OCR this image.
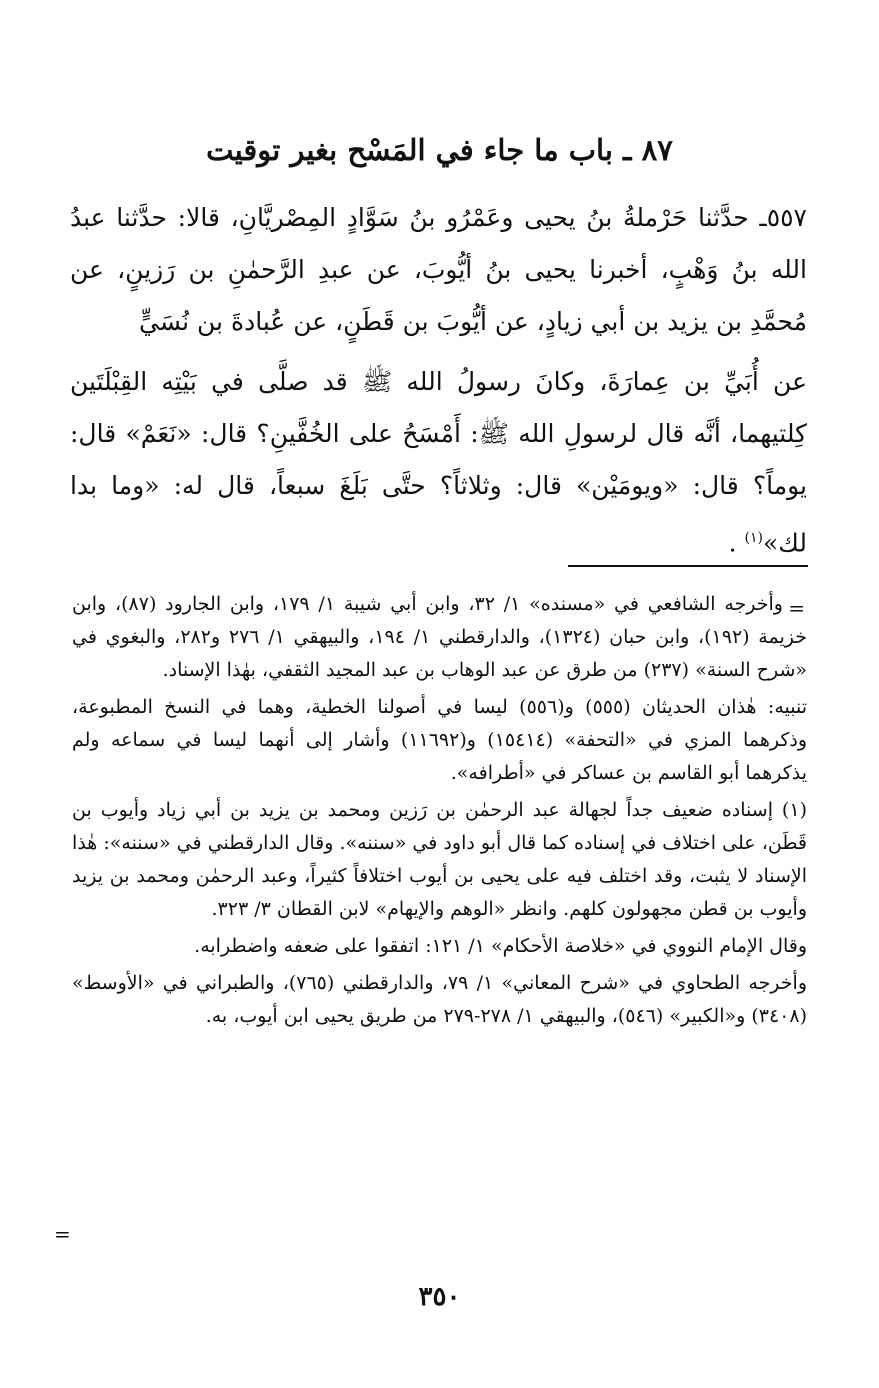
٨٧ ـ باب ما جاء في المَسْح بغير توقيت

٥٥٧ـ حدَّثنا حَرْملةُ بنُ يحيى وعَمْرُو بنُ سَوَّادٍ المِصْريَّانِ، قالا: حدَّثنا عبدُ الله بنُ وَهْبٍ، أخبرنا يحيى بنُ أيُّوبَ، عن عبدِ الرَّحمٰنِ بن رَزينٍ، عن مُحمَّدِ بن يزيد بن أبي زيادٍ، عن أيُّوبَ بن قَطَنٍ، عن عُبادةَ بن نُسَيٍّ

عن أُبَيِّ بن عِمارَةَ، وكانَ رسولُ الله ﷺ قد صلَّى في بَيْتِه القِبْلَتَين كِلتيهما، أنَّه قال لرسولِ الله ﷺ: أَمْسَحُ على الخُفَّينِ؟ قال: «نَعَمْ» قال: يوماً؟ قال: «ويومَيْن» قال: وثلاثاً؟ حتَّى بَلَغَ سبعاً، قال له: «وما بدا لك»$^{(١)}$ .

=

وأخرجه الشافعي في «مسنده» ١/ ٣٢، وابن أبي شيبة ١/ ١٧٩، وابن الجارود (٨٧)، وابن خزيمة (١٩٢)، وابن حبان (١٣٢٤)، والدارقطني ١/ ١٩٤، والبيهقي ١/ ٢٧٦ و٢٨٢، والبغوي في «شرح السنة» (٢٣٧) من طرق عن عبد الوهاب بن عبد المجيد الثقفي، بهٰذا الإسناد.

تنبيه: هٰذان الحديثان (٥٥٥) و(٥٥٦) ليسا في أصولنا الخطية، وهما في النسخ المطبوعة، وذكرهما المزي في «التحفة» (١٥٤١٤) و(١١٦٩٢) وأشار إلى أنهما ليسا في سماعه ولم يذكرهما أبو القاسم بن عساكر في «أطرافه».

(١) إسناده ضعيف جداً لجهالة عبد الرحمٰن بن رَزين ومحمد بن يزيد بن أبي زياد وأيوب بن قَطَن، على اختلاف في إسناده كما قال أبو داود في «سننه». وقال الدارقطني في «سننه»: هٰذا الإسناد لا يثبت، وقد اختلف فيه على يحيى بن أيوب اختلافاً كثيراً، وعبد الرحمٰن ومحمد بن يزيد وأيوب بن قطن مجهولون كلهم. وانظر «الوهم والإيهام» لابن القطان ٣/ ٣٢٣.

وقال الإمام النووي في «خلاصة الأحكام» ١/ ١٢١: اتفقوا على ضعفه واضطرابه.

وأخرجه الطحاوي في «شرح المعاني» ١/ ٧٩، والدارقطني (٧٦٥)، والطبراني في «الأوسط» (٣٤٠٨) و«الكبير» (٥٤٦)، والبيهقي ١/ ٢٧٨-٢٧٩ من طريق يحيى ابن أيوب، به.

=
٣٥٠
